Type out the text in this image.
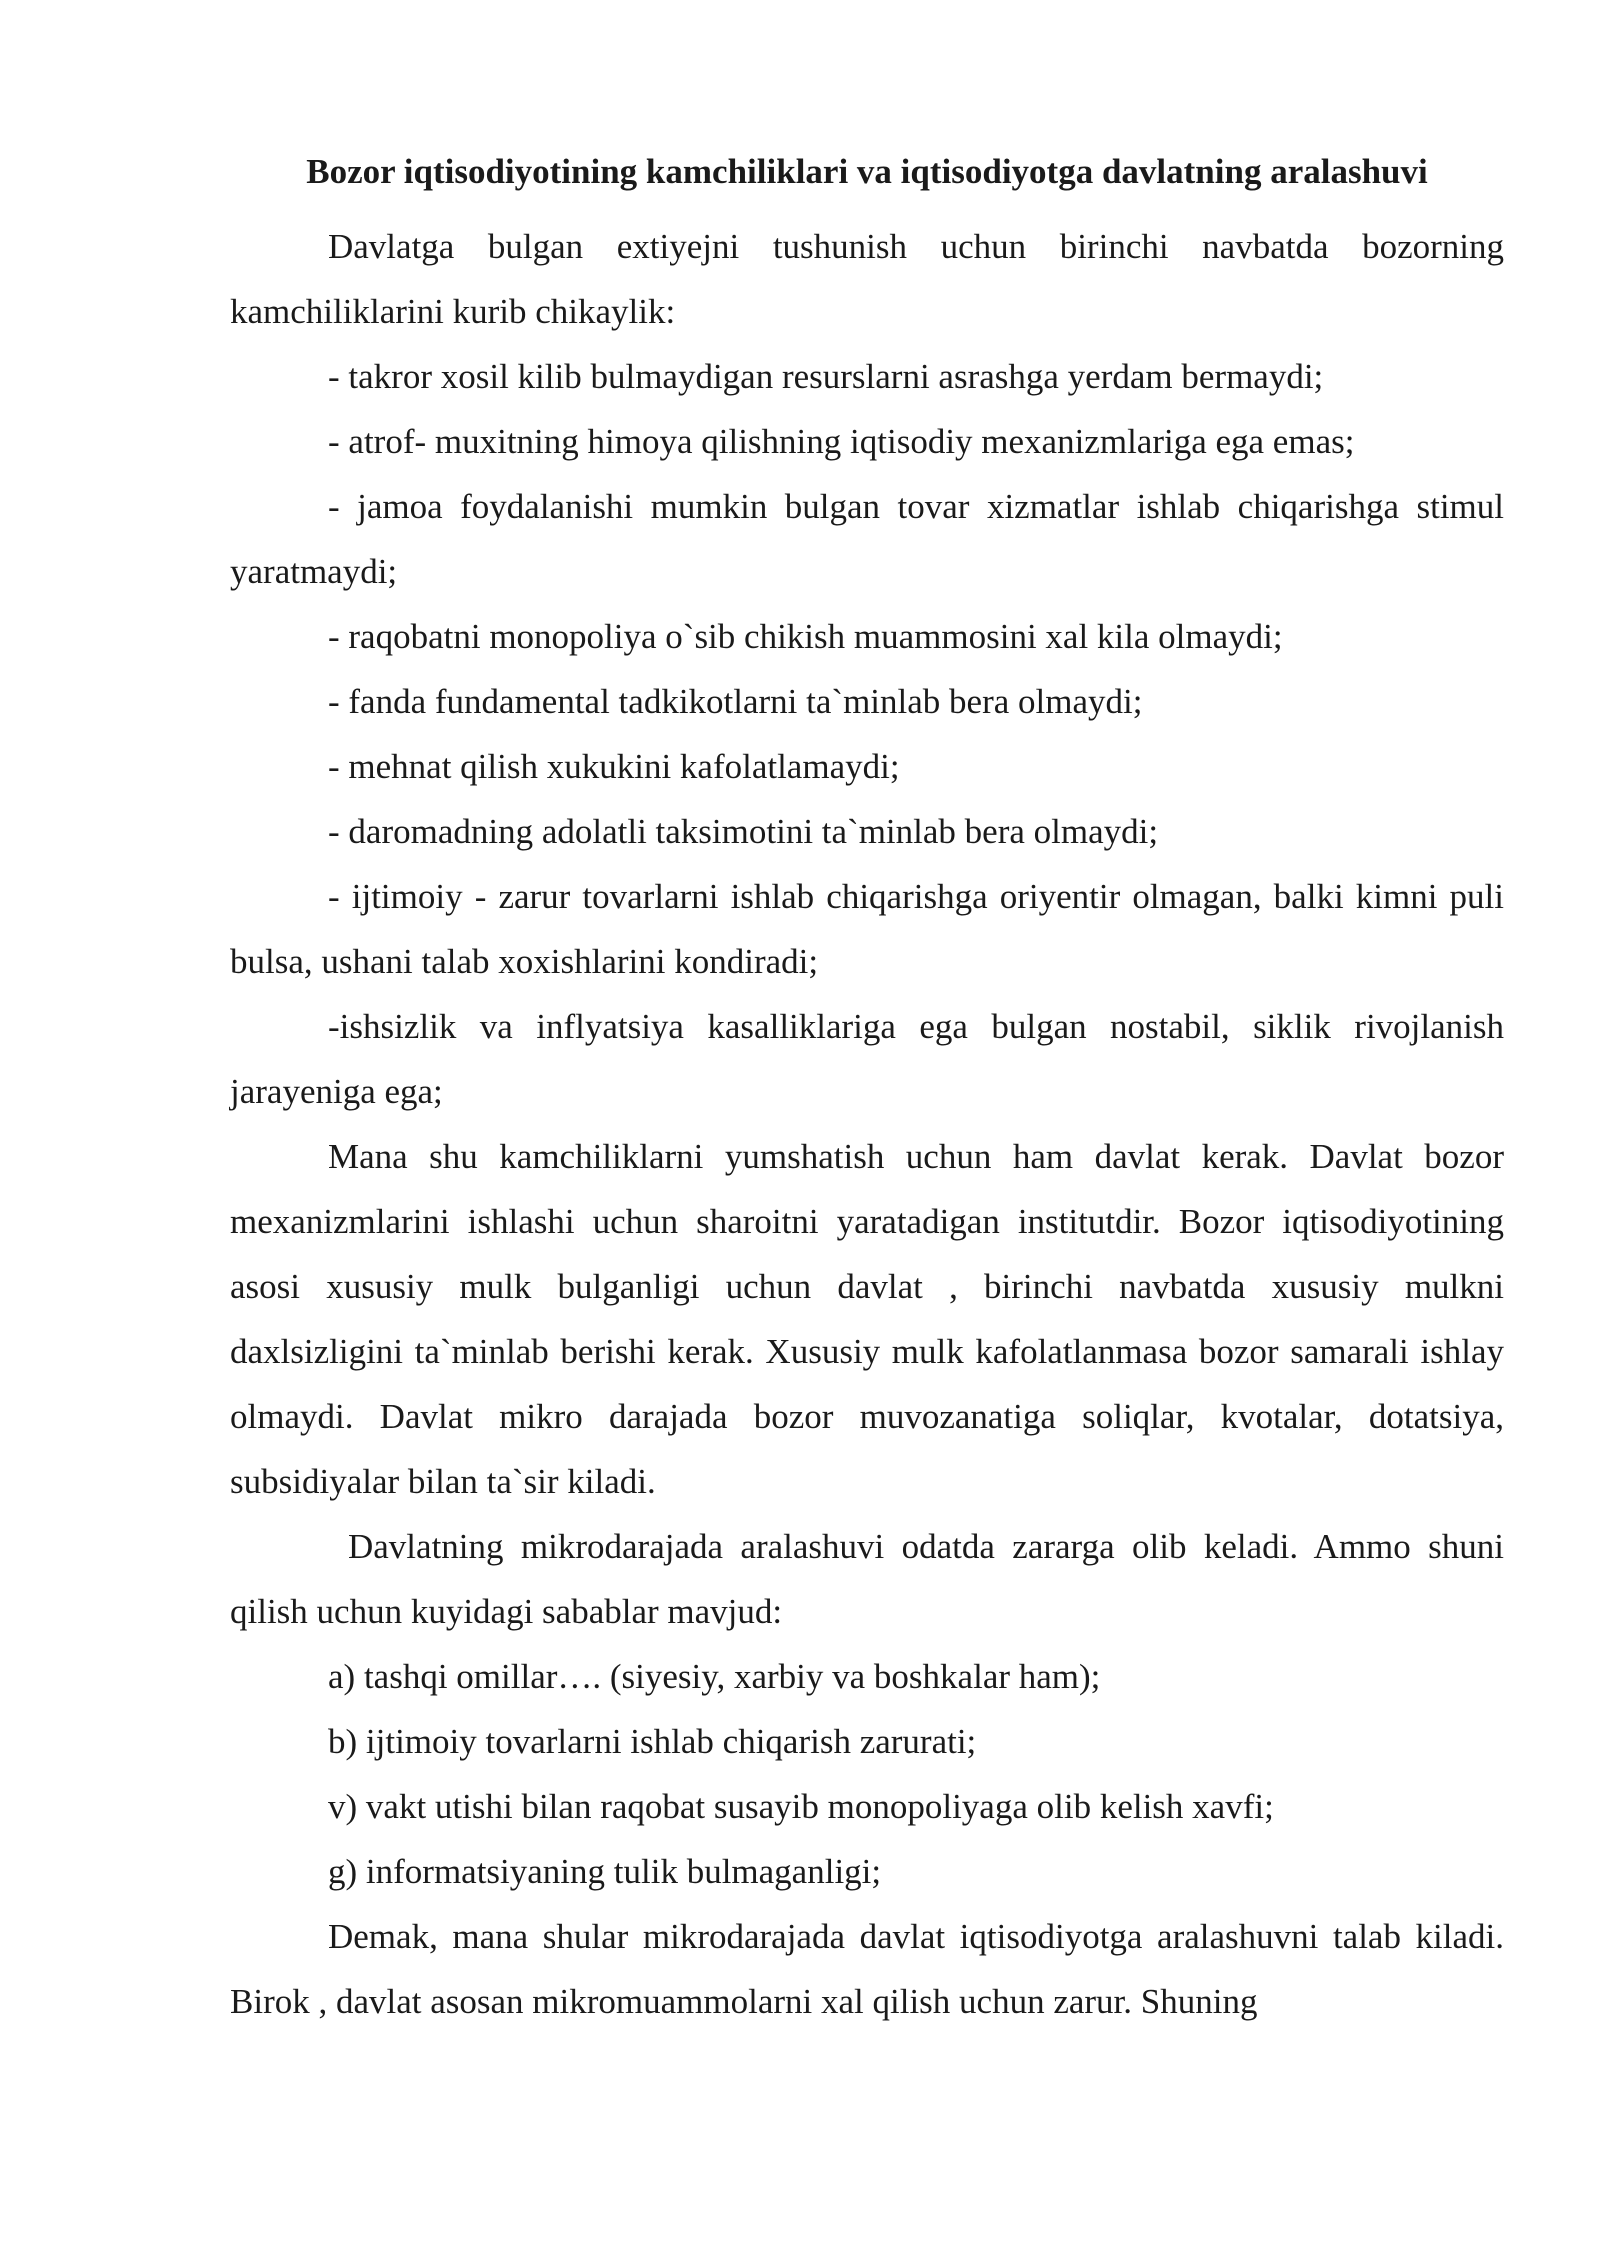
Bozor iqtisodiyotining kamchiliklari va iqtisodiyotga davlatning aralashuvi

Davlatga bulgan extiyejni tushunish uchun birinchi navbatda bozorning kamchiliklarini kurib chikaylik:

- takror xosil kilib bulmaydigan resurslarni asrashga yerdam bermaydi;

- atrof- muxitning himoya qilishning iqtisodiy mexanizmlariga ega emas;

- jamoa foydalanishi mumkin bulgan tovar xizmatlar ishlab chiqarishga stimul yaratmaydi;

- raqobatni monopoliya o`sib chikish muammosini xal kila olmaydi;

- fanda fundamental tadkikotlarni ta`minlab bera olmaydi;

- mehnat qilish xukukini kafolatlamaydi;

- daromadning adolatli taksimotini ta`minlab bera olmaydi;

- ijtimoiy - zarur tovarlarni ishlab chiqarishga oriyentir olmagan, balki kimni puli bulsa, ushani talab xoxishlarini kondiradi;

-ishsizlik va inflyatsiya kasalliklariga ega bulgan nostabil, siklik rivojlanish jarayeniga ega;

Mana shu kamchiliklarni yumshatish uchun ham davlat kerak. Davlat bozor mexanizmlarini ishlashi uchun sharoitni yaratadigan institutdir. Bozor iqtisodiyotining asosi xususiy mulk bulganligi uchun davlat , birinchi navbatda xususiy mulkni daxlsizligini ta`minlab berishi kerak. Xususiy mulk kafolatlanmasa bozor samarali ishlay olmaydi. Davlat mikro darajada bozor muvozanatiga soliqlar, kvotalar, dotatsiya, subsidiyalar bilan ta`sir kiladi.

Davlatning mikrodarajada aralashuvi odatda zararga olib keladi. Ammo shuni qilish uchun kuyidagi sabablar mavjud:

a) tashqi omillar…. (siyesiy, xarbiy va boshkalar ham);

b) ijtimoiy tovarlarni ishlab chiqarish zarurati;

v) vakt utishi bilan raqobat susayib monopoliyaga olib kelish xavfi;

g) informatsiyaning tulik bulmaganligi;

Demak, mana shular mikrodarajada davlat iqtisodiyotga aralashuvni talab kiladi. Birok , davlat asosan mikromuammolarni xal qilish uchun zarur. Shuning
